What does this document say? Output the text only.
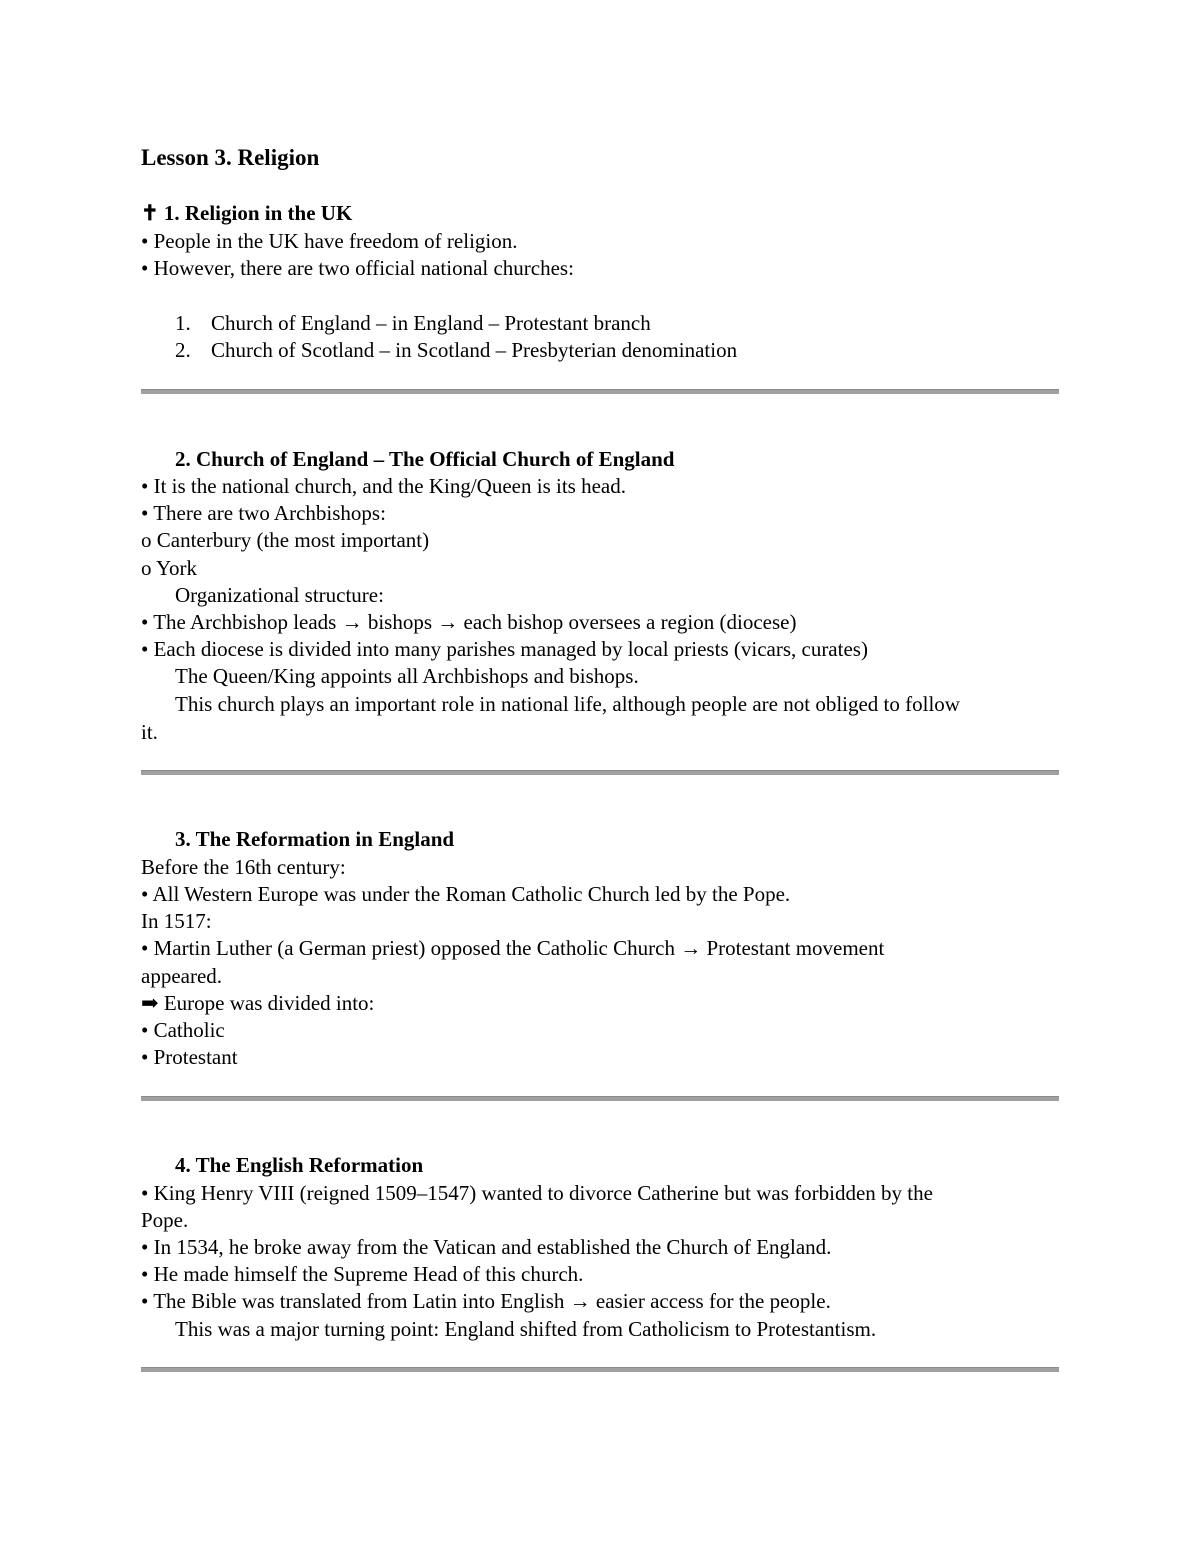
Lesson 3. Religion
✝ 1. Religion in the UK
• People in the UK have freedom of religion.
• However, there are two official national churches:
1. Church of England – in England – Protestant branch
2. Church of Scotland – in Scotland – Presbyterian denomination
2. Church of England – The Official Church of England
• It is the national church, and the King/Queen is its head.
• There are two Archbishops:
o Canterbury (the most important)
o York
Organizational structure:
• The Archbishop leads → bishops → each bishop oversees a region (diocese)
• Each diocese is divided into many parishes managed by local priests (vicars, curates)
The Queen/King appoints all Archbishops and bishops.
This church plays an important role in national life, although people are not obliged to follow
it.
3. The Reformation in England
Before the 16th century:
• All Western Europe was under the Roman Catholic Church led by the Pope.
In 1517:
• Martin Luther (a German priest) opposed the Catholic Church → Protestant movement
appeared.
➡ Europe was divided into:
• Catholic
• Protestant
4. The English Reformation
• King Henry VIII (reigned 1509–1547) wanted to divorce Catherine but was forbidden by the
Pope.
• In 1534, he broke away from the Vatican and established the Church of England.
• He made himself the Supreme Head of this church.
• The Bible was translated from Latin into English → easier access for the people.
This was a major turning point: England shifted from Catholicism to Protestantism.
